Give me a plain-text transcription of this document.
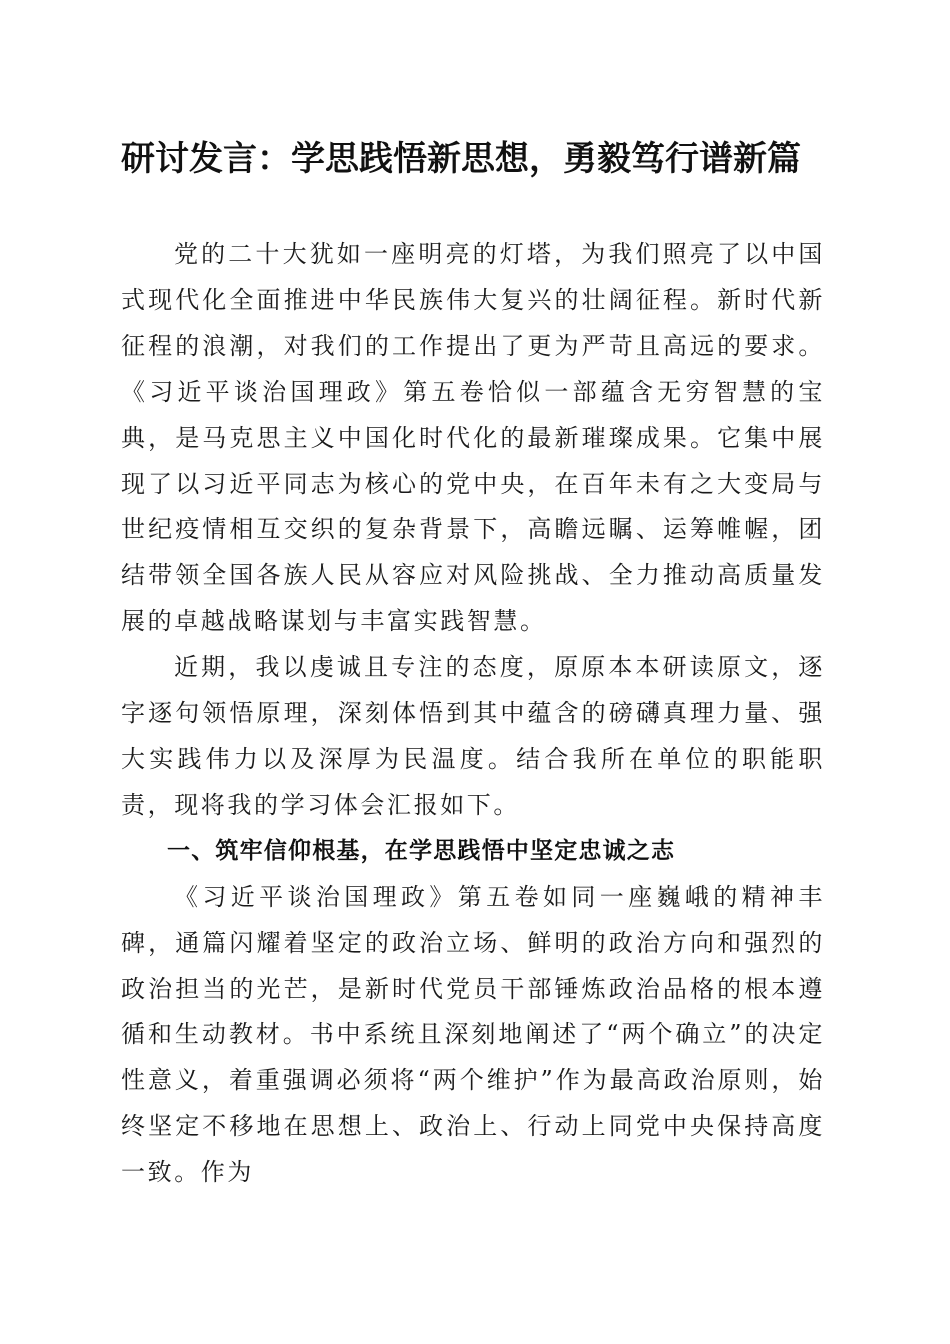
研讨发言：学思践悟新思想，勇毅笃行谱新篇

党的二十大犹如一座明亮的灯塔，为我们照亮了以中国式现代化全面推进中华民族伟大复兴的壮阔征程。新时代新征程的浪潮，对我们的工作提出了更为严苛且高远的要求。《习近平谈治国理政》第五卷恰似一部蕴含无穷智慧的宝典，是马克思主义中国化时代化的最新璀璨成果。它集中展现了以习近平同志为核心的党中央，在百年未有之大变局与世纪疫情相互交织的复杂背景下，高瞻远瞩、运筹帷幄，团结带领全国各族人民从容应对风险挑战、全力推动高质量发展的卓越战略谋划与丰富实践智慧。

近期，我以虔诚且专注的态度，原原本本研读原文，逐字逐句领悟原理，深刻体悟到其中蕴含的磅礴真理力量、强大实践伟力以及深厚为民温度。结合我所在单位的职能职责，现将我的学习体会汇报如下。

一、筑牢信仰根基，在学思践悟中坚定忠诚之志

《习近平谈治国理政》第五卷如同一座巍峨的精神丰碑，通篇闪耀着坚定的政治立场、鲜明的政治方向和强烈的政治担当的光芒，是新时代党员干部锤炼政治品格的根本遵循和生动教材。书中系统且深刻地阐述了“两个确立”的决定性意义，着重强调必须将“两个维护”作为最高政治原则，始终坚定不移地在思想上、政治上、行动上同党中央保持高度一致。作为
